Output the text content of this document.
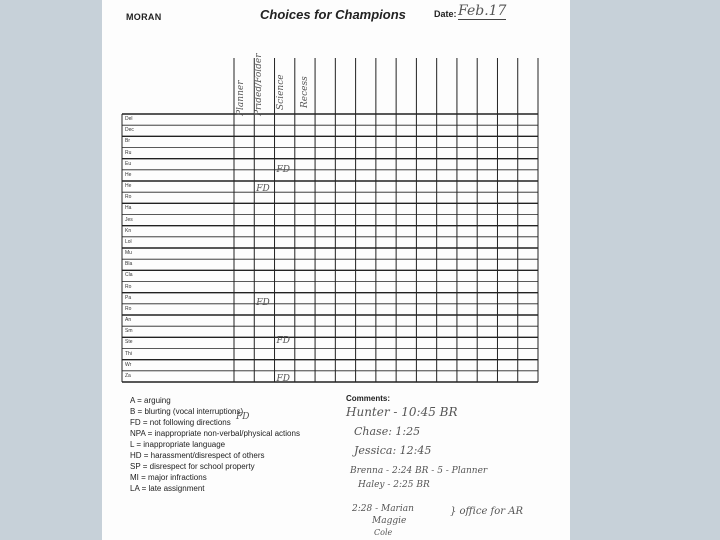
MORAN	Choices for Champions	Date: Feb.17
Planner Prided/Folder Science Recess
Del
Dec
Br
Ru
Eu
He
He
Ro
Ha
Jes
Kn
Lol
Mu
Bla
Cla
Ro
Pa
Ro
An
Sm
Ste
Thi
Wr
Za
FD
FD
FD
FD
FD
FD
A = arguing
B = blurting (vocal interruptions)
FD = not following directions
NPA = inappropriate non-verbal/physical actions
L = inappropriate language
HD = harassment/disrespect of others
SP = disrespect for school property
MI = major infractions
LA = late assignment
Comments:
Hunter - 10:45 BR
Chase: 1:25
Jessica: 12:45
Brenna - 2:24 BR - 5 - Planner
Haley - 2:25 BR
2:28 - Marian
Maggie
Cole
} office for AR
